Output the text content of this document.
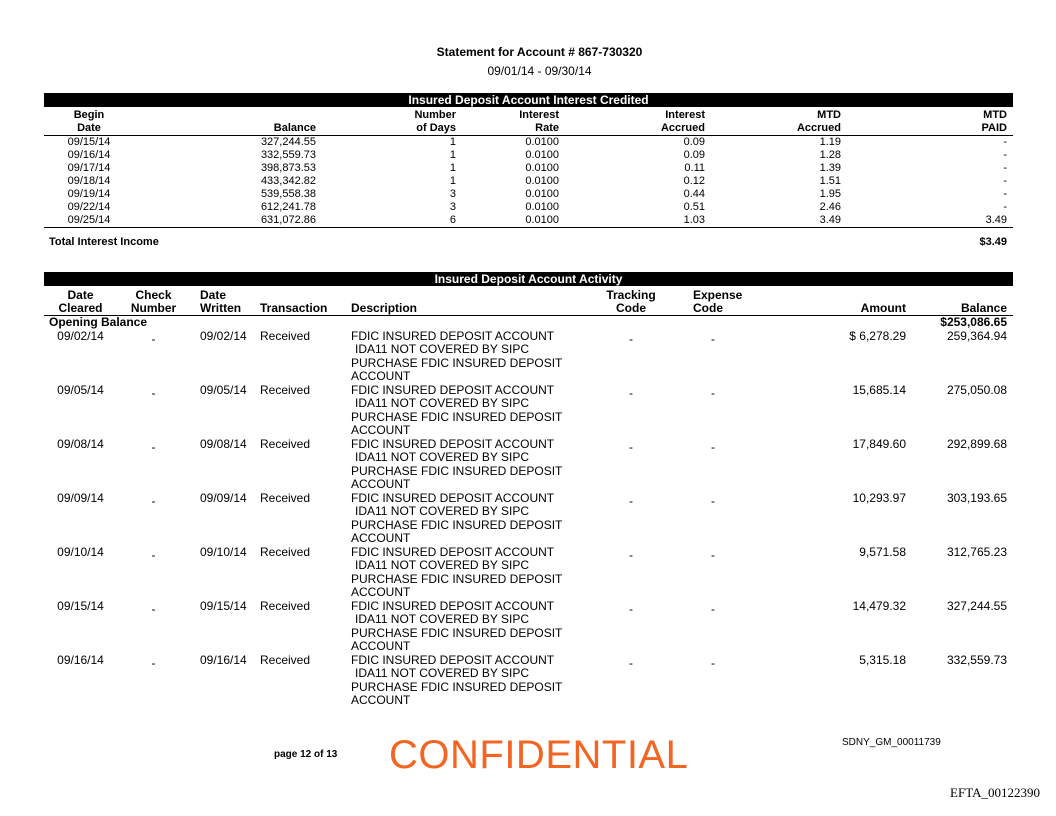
Statement for Account # 867-730320
09/01/14 - 09/30/14
Insured Deposit Account Interest Credited
Begin		Number	Interest	Interest	MTD	MTD
Date	Balance	of Days	Rate	Accrued	Accrued	PAID
09/15/14	327,244.55	1	0.0100	0.09	1.19	-
09/16/14	332,559.73	1	0.0100	0.09	1.28	-
09/17/14	398,873.53	1	0.0100	0.11	1.39	-
09/18/14	433,342.82	1	0.0100	0.12	1.51	-
09/19/14	539,558.38	3	0.0100	0.44	1.95	-
09/22/14	612,241.78	3	0.0100	0.51	2.46	-
09/25/14	631,072.86	6	0.0100	1.03	3.49	3.49

Total Interest Income	$3.49
Insured Deposit Account Activity
Date	Check	Date			Tracking	Expense		
Cleared	Number	Written	Transaction	Description	Code	Code	Amount	Balance
Opening Balance								$253,086.65
09/02/14	-	09/02/14	Received	FDIC INSURED DEPOSIT ACCOUNT
IDA11 NOT COVERED BY SIPC
PURCHASE FDIC INSURED DEPOSIT
ACCOUNT	-	-	$ 6,278.29	259,364.94
09/05/14	-	09/05/14	Received	FDIC INSURED DEPOSIT ACCOUNT
IDA11 NOT COVERED BY SIPC
PURCHASE FDIC INSURED DEPOSIT
ACCOUNT	-	-	15,685.14	275,050.08
09/08/14	-	09/08/14	Received	FDIC INSURED DEPOSIT ACCOUNT
IDA11 NOT COVERED BY SIPC
PURCHASE FDIC INSURED DEPOSIT
ACCOUNT	-	-	17,849.60	292,899.68
09/09/14	-	09/09/14	Received	FDIC INSURED DEPOSIT ACCOUNT
IDA11 NOT COVERED BY SIPC
PURCHASE FDIC INSURED DEPOSIT
ACCOUNT	-	-	10,293.97	303,193.65
09/10/14	-	09/10/14	Received	FDIC INSURED DEPOSIT ACCOUNT
IDA11 NOT COVERED BY SIPC
PURCHASE FDIC INSURED DEPOSIT
ACCOUNT	-	-	9,571.58	312,765.23
09/15/14	-	09/15/14	Received	FDIC INSURED DEPOSIT ACCOUNT
IDA11 NOT COVERED BY SIPC
PURCHASE FDIC INSURED DEPOSIT
ACCOUNT	-	-	14,479.32	327,244.55
09/16/14	-	09/16/14	Received	FDIC INSURED DEPOSIT ACCOUNT
IDA11 NOT COVERED BY SIPC
PURCHASE FDIC INSURED DEPOSIT
ACCOUNT	-	-	5,315.18	332,559.73
page 12 of 13 CONFIDENTIAL	SDNY_GM_00011739
EFTA_00122390
